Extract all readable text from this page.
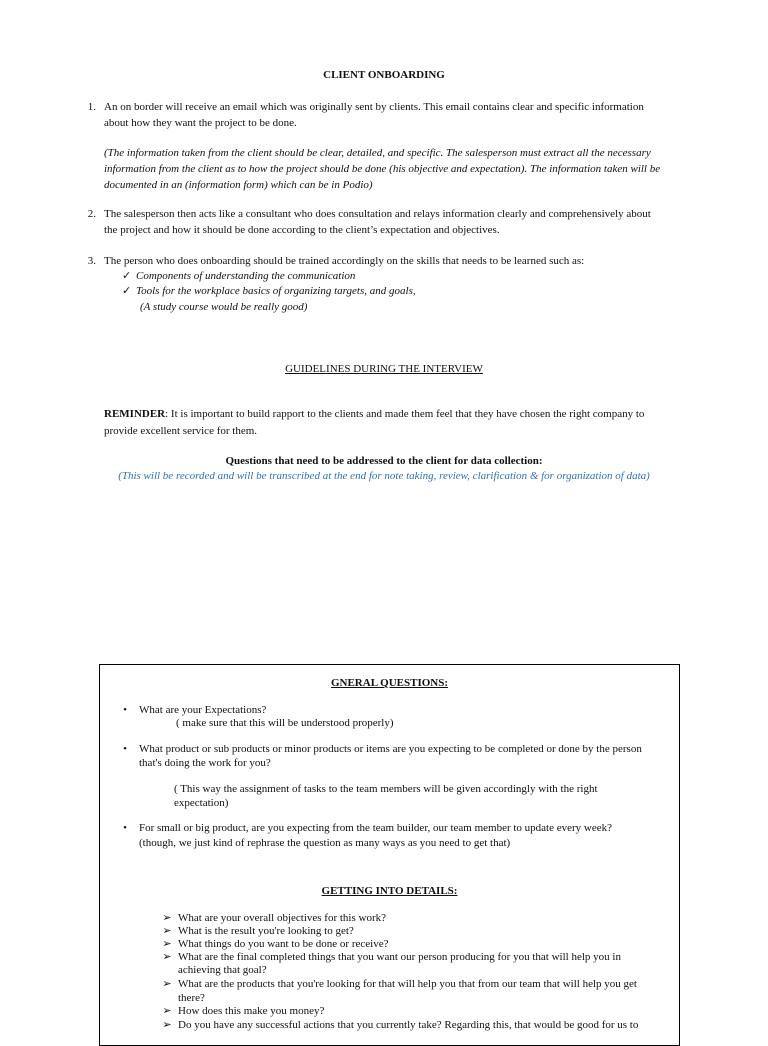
CLIENT ONBOARDING
1. An on border will receive an email which was originally sent by clients. This email contains clear and specific information
about how they want the project to be done.
(The information taken from the client should be clear, detailed, and specific. The salesperson must extract all the necessary
information from the client as to how the project should be done (his objective and expectation). The information taken will be
documented in an (information form) which can be in Podio)
2. The salesperson then acts like a consultant who does consultation and relays information clearly and comprehensively about
the project and how it should be done according to the client’s expectation and objectives.
3. The person who does onboarding should be trained accordingly on the skills that needs to be learned such as:
✓ Components of understanding the communication
✓ Tools for the workplace basics of organizing targets, and goals,
(A study course would be really good)
GUIDELINES DURING THE INTERVIEW
REMINDER: It is important to build rapport to the clients and made them feel that they have chosen the right company to
provide excellent service for them.
Questions that need to be addressed to the client for data collection:
(This will be recorded and will be transcribed at the end for note taking, review, clarification & for organization of data)
GNERAL QUESTIONS:
• What are your Expectations?
( make sure that this will be understood properly)
• What product or sub products or minor products or items are you expecting to be completed or done by the person
that's doing the work for you?
( This way the assignment of tasks to the team members will be given accordingly with the right
expectation)
• For small or big product, are you expecting from the team builder, our team member to update every week?
(though, we just kind of rephrase the question as many ways as you need to get that)
GETTING INTO DETAILS:
➢ What are your overall objectives for this work?
➢ What is the result you're looking to get?
➢ What things do you want to be done or receive?
➢ What are the final completed things that you want our person producing for you that will help you in
achieving that goal?
➢ What are the products that you're looking for that will help you that from our team that will help you get
there?
➢ How does this make you money?
➢ Do you have any successful actions that you currently take? Regarding this, that would be good for us to
